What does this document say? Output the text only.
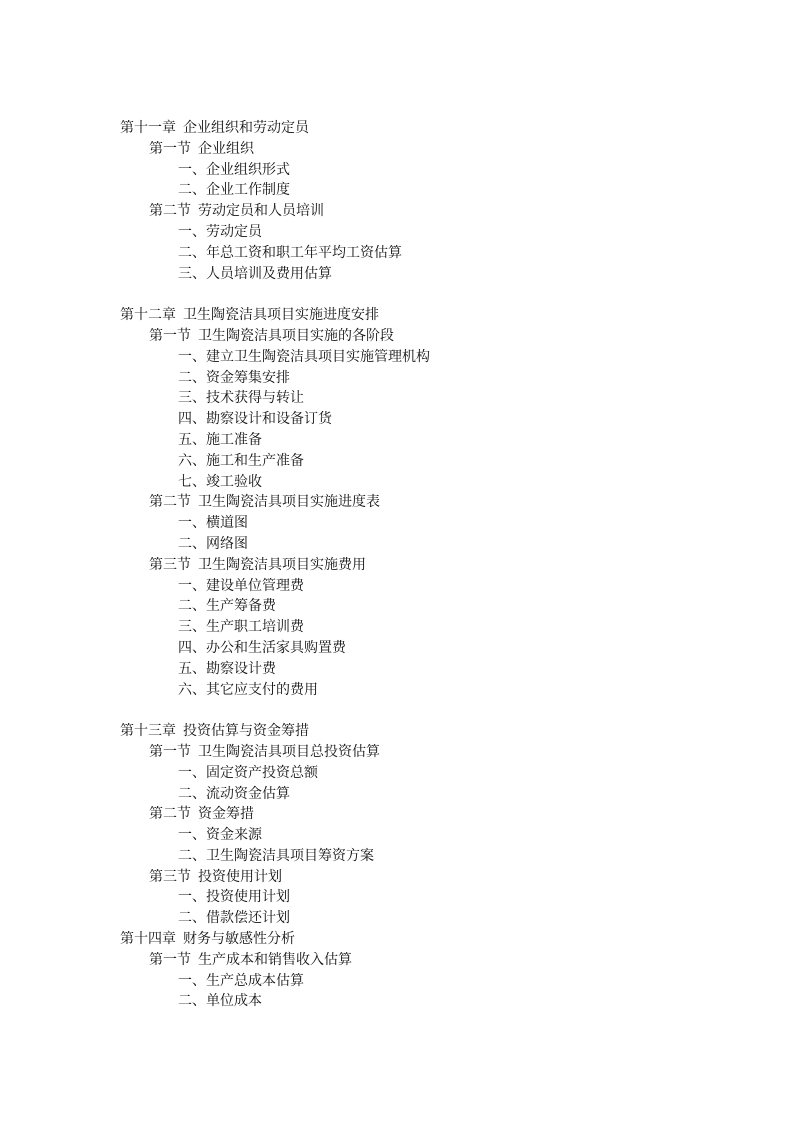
第十一章 企业组织和劳动定员
第一节 企业组织
一、企业组织形式
二、企业工作制度
第二节 劳动定员和人员培训
一、劳动定员
二、年总工资和职工年平均工资估算
三、人员培训及费用估算
第十二章 卫生陶瓷洁具项目实施进度安排
第一节 卫生陶瓷洁具项目实施的各阶段
一、建立卫生陶瓷洁具项目实施管理机构
二、资金筹集安排
三、技术获得与转让
四、勘察设计和设备订货
五、施工准备
六、施工和生产准备
七、竣工验收
第二节 卫生陶瓷洁具项目实施进度表
一、横道图
二、网络图
第三节 卫生陶瓷洁具项目实施费用
一、建设单位管理费
二、生产筹备费
三、生产职工培训费
四、办公和生活家具购置费
五、勘察设计费
六、其它应支付的费用
第十三章 投资估算与资金筹措
第一节 卫生陶瓷洁具项目总投资估算
一、固定资产投资总额
二、流动资金估算
第二节 资金筹措
一、资金来源
二、卫生陶瓷洁具项目筹资方案
第三节 投资使用计划
一、投资使用计划
二、借款偿还计划
第十四章 财务与敏感性分析
第一节 生产成本和销售收入估算
一、生产总成本估算
二、单位成本
